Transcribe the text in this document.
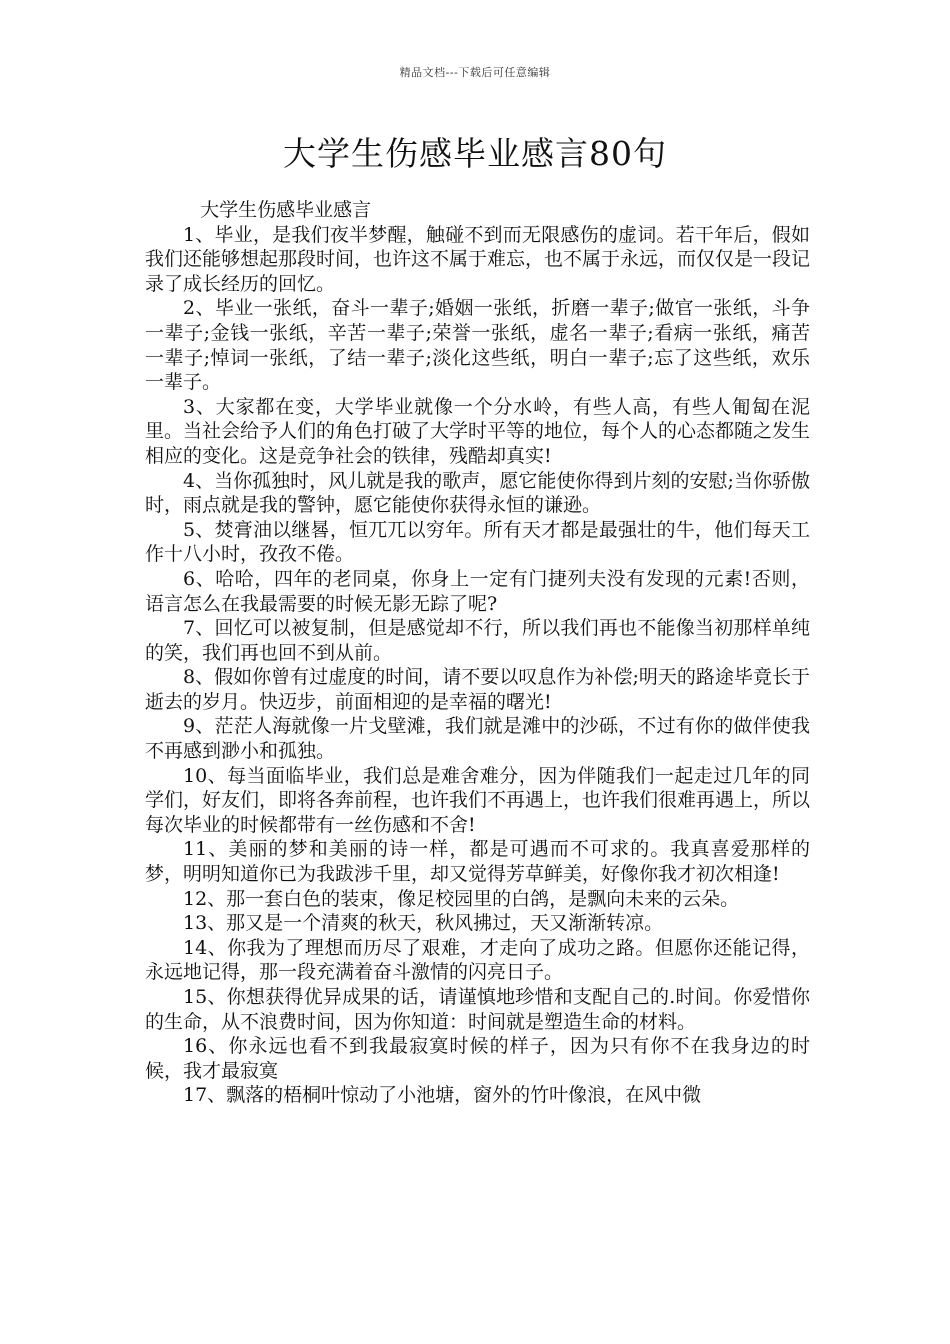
精品文档---下载后可任意编辑
大学生伤感毕业感言80句

大学生伤感毕业感言

1、毕业，是我们夜半梦醒，触碰不到而无限感伤的虚词。若干年后，假如我们还能够想起那段时间，也许这不属于难忘，也不属于永远，而仅仅是一段记录了成长经历的回忆。

2、毕业一张纸，奋斗一辈子;婚姻一张纸，折磨一辈子;做官一张纸，斗争一辈子;金钱一张纸，辛苦一辈子;荣誉一张纸，虚名一辈子;看病一张纸，痛苦一辈子;悼词一张纸，了结一辈子;淡化这些纸，明白一辈子;忘了这些纸，欢乐一辈子。

3、大家都在变，大学毕业就像一个分水岭，有些人高，有些人匍匐在泥里。当社会给予人们的角色打破了大学时平等的地位，每个人的心态都随之发生相应的变化。这是竞争社会的铁律，残酷却真实!

4、当你孤独时，风儿就是我的歌声，愿它能使你得到片刻的安慰;当你骄傲时，雨点就是我的警钟，愿它能使你获得永恒的谦逊。

5、焚膏油以继晷，恒兀兀以穷年。所有天才都是最强壮的牛，他们每天工作十八小时，孜孜不倦。

6、哈哈，四年的老同桌，你身上一定有门捷列夫没有发现的元素!否则，语言怎么在我最需要的时候无影无踪了呢?

7、回忆可以被复制，但是感觉却不行，所以我们再也不能像当初那样单纯的笑，我们再也回不到从前。

8、假如你曾有过虚度的时间，请不要以叹息作为补偿;明天的路途毕竟长于逝去的岁月。快迈步，前面相迎的是幸福的曙光!

9、茫茫人海就像一片戈壁滩，我们就是滩中的沙砾，不过有你的做伴使我不再感到渺小和孤独。

10、每当面临毕业，我们总是难舍难分，因为伴随我们一起走过几年的同学们，好友们，即将各奔前程，也许我们不再遇上，也许我们很难再遇上，所以每次毕业的时候都带有一丝伤感和不舍!

11、美丽的梦和美丽的诗一样，都是可遇而不可求的。我真喜爱那样的梦，明明知道你已为我跋涉千里，却又觉得芳草鲜美，好像你我才初次相逢!

12、那一套白色的装束，像足校园里的白鸽，是飘向未来的云朵。

13、那又是一个清爽的秋天，秋风拂过，天又渐渐转凉。

14、你我为了理想而历尽了艰难，才走向了成功之路。但愿你还能记得，永远地记得，那一段充满着奋斗激情的闪亮日子。

15、你想获得优异成果的话，请谨慎地珍惜和支配自己的.时间。你爱惜你的生命，从不浪费时间，因为你知道：时间就是塑造生命的材料。

16、你永远也看不到我最寂寞时候的样子，因为只有你不在我身边的时候，我才最寂寞

17、飘落的梧桐叶惊动了小池塘，窗外的竹叶像浪，在风中微
